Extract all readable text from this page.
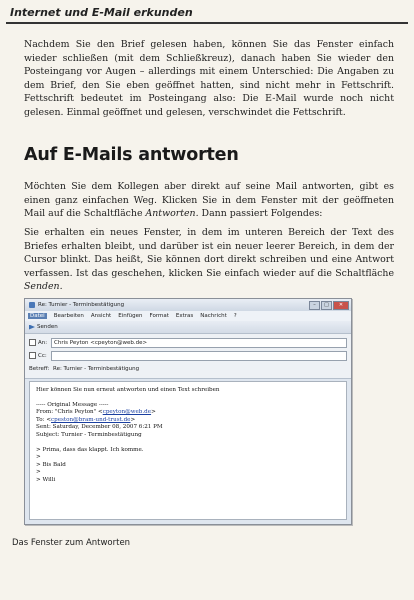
Internet und E-Mail erkunden

Nachdem Sie den Brief gelesen haben, können Sie das Fenster einfach wieder schließen (mit dem Schließkreuz), danach haben Sie wieder den Posteingang vor Augen – allerdings mit einem Unterschied: Die Angaben zu dem Brief, den Sie eben geöffnet hatten, sind nicht mehr in Fettschrift. Fettschrift bedeutet im Posteingang also: Die E-Mail wurde noch nicht gelesen. Einmal geöffnet und gelesen, verschwindet die Fettschrift.

Auf E-Mails antworten

Möchten Sie dem Kollegen aber direkt auf seine Mail antworten, gibt es einen ganz einfachen Weg. Klicken Sie in dem Fenster mit der geöffneten Mail auf die Schaltfläche Antworten. Dann passiert Folgendes:

Sie erhalten ein neues Fenster, in dem im unteren Bereich der Text des Briefes erhalten bleibt, und darüber ist ein neuer leerer Bereich, in dem der Cursor blinkt. Das heißt, Sie können dort direkt schreiben und eine Antwort verfassen. Ist das geschehen, klicken Sie einfach wieder auf die Schaltfläche Senden.

Re: Turnier - Terminbestätigung	–	□	✕
Datei	Bearbeiten Ansicht Einfügen Format Extras Nachricht ?
Senden
An:	Chris Peyton <cpeyton@web.de>
Cc:
Betreff: Re: Turnier - Terminbestätigung
Hier können Sie nun erneut antworten und einen Text schreiben
----- Original Message -----
From: "Chris Peyton" <cpeyton@web.de>
To: <cpeston@bram-und-trust.de>
Sent: Saturday, December 08, 2007 6:21 PM
Subject: Turnier - Terminbestätigung
> Prima, dass das klappt. Ich komme.
>
> Bis Bald
>
> Willi
Das Fenster zum Antworten
